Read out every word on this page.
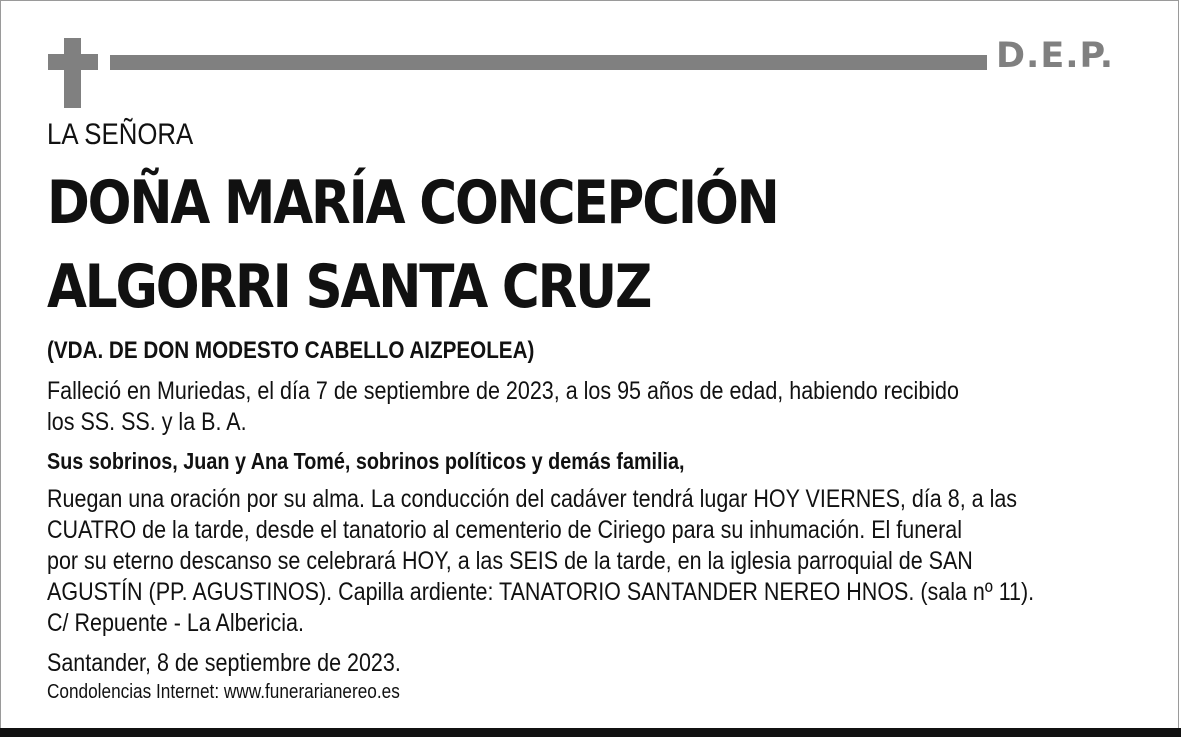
D.E.P.
LA SEÑORA
DOÑA MARÍA CONCEPCIÓN
ALGORRI SANTA CRUZ
(VDA. DE DON MODESTO CABELLO AIZPEOLEA)
Falleció en Muriedas, el día 7 de septiembre de 2023, a los 95 años de edad, habiendo recibido
los SS. SS. y la B. A.
Sus sobrinos, Juan y Ana Tomé, sobrinos políticos y demás familia,
Ruegan una oración por su alma. La conducción del cadáver tendrá lugar HOY VIERNES, día 8, a las
CUATRO de la tarde, desde el tanatorio al cementerio de Ciriego para su inhumación. El funeral
por su eterno descanso se celebrará HOY, a las SEIS de la tarde, en la iglesia parroquial de SAN
AGUSTÍN (PP. AGUSTINOS). Capilla ardiente: TANATORIO SANTANDER NEREO HNOS. (sala nº 11).
C/ Repuente - La Albericia.
Santander, 8 de septiembre de 2023.
Condolencias Internet: www.funerarianereo.es
